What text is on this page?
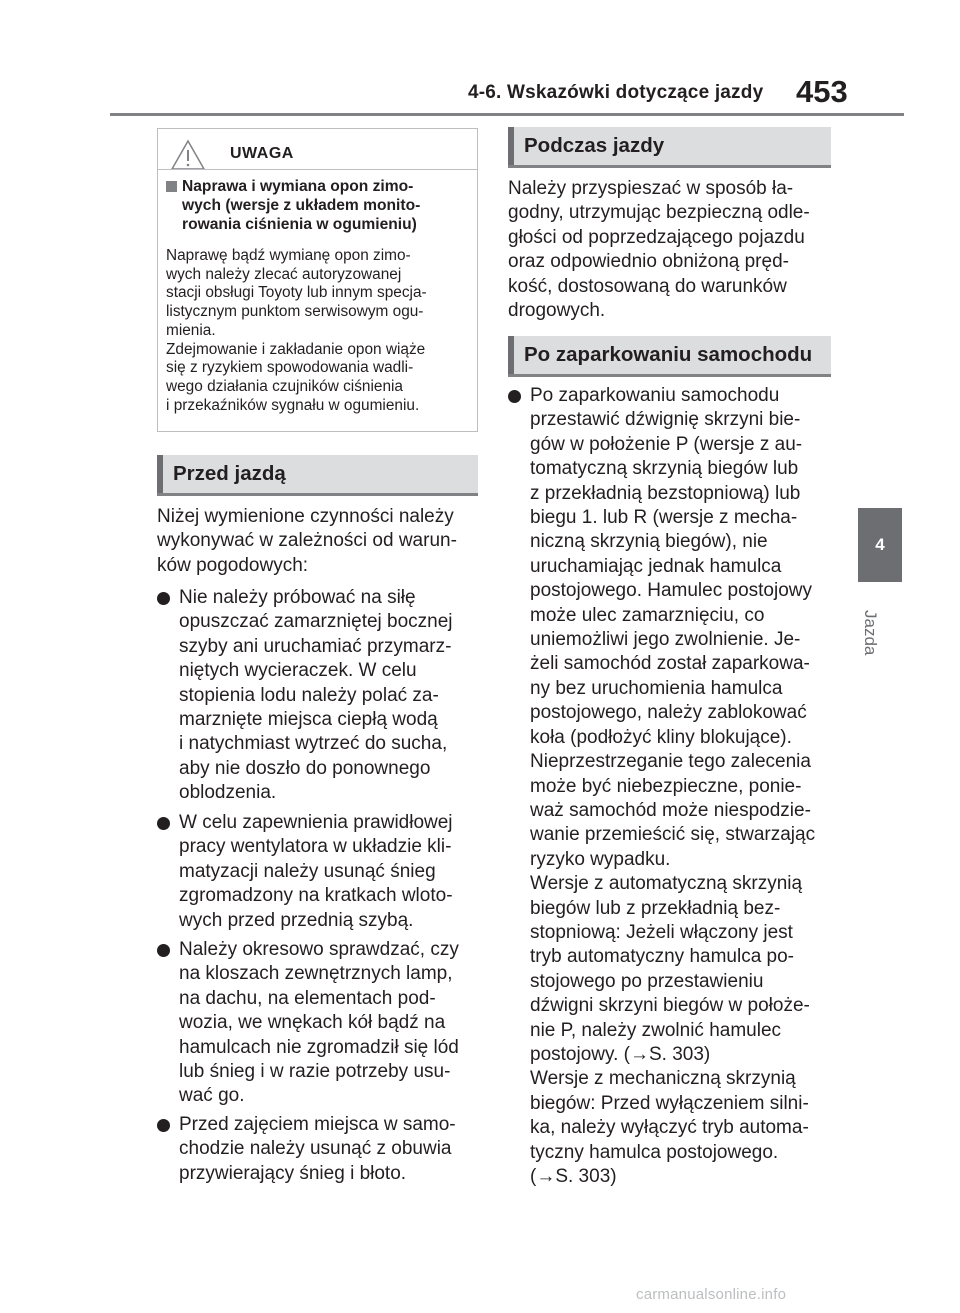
4-6. Wskazówki dotyczące jazdy 453
4
Jazda
UWAGA
Naprawa i wymiana opon zimo-
wych (wersje z układem monito-
rowania ciśnienia w ogumieniu)

Naprawę bądź wymianę opon zimo-

wych należy zlecać autoryzowanej

stacji obsługi Toyoty lub innym specja-

listycznym punktom serwisowym ogu-

mienia.

Zdejmowanie i zakładanie opon wiąże

się z ryzykiem spowodowania wadli-

wego działania czujników ciśnienia

i przekaźników sygnału w ogumieniu.

Przed jazdą

Niżej wymienione czynności należy

wykonywać w zależności od warun-

ków pogodowych:

Nie należy próbować na siłę

opuszczać zamarzniętej bocznej

szyby ani uruchamiać przymarz-

niętych wycieraczek. W celu

stopienia lodu należy polać za-

marznięte miejsca ciepłą wodą

i natychmiast wytrzeć do sucha,

aby nie doszło do ponownego

oblodzenia.

W celu zapewnienia prawidłowej

pracy wentylatora w układzie kli-

matyzacji należy usunąć śnieg

zgromadzony na kratkach wloto-

wych przed przednią szybą.

Należy okresowo sprawdzać, czy

na kloszach zewnętrznych lamp,

na dachu, na elementach pod-

wozia, we wnękach kół bądź na

hamulcach nie zgromadził się lód

lub śnieg i w razie potrzeby usu-

wać go.

Przed zajęciem miejsca w samo-

chodzie należy usunąć z obuwia

przywierający śnieg i błoto.

Podczas jazdy

Należy przyspieszać w sposób ła-

godny, utrzymując bezpieczną odle-

głości od poprzedzającego pojazdu

oraz odpowiednio obniżoną pręd-

kość, dostosowaną do warunków

drogowych.

Po zaparkowaniu samochodu

Po zaparkowaniu samochodu

przestawić dźwignię skrzyni bie-

gów w położenie P (wersje z au-

tomatyczną skrzynią biegów lub

z przekładnią bezstopniową) lub

biegu 1. lub R (wersje z mecha-

niczną skrzynią biegów), nie

uruchamiając jednak hamulca

postojowego. Hamulec postojowy

może ulec zamarznięciu, co

uniemożliwi jego zwolnienie. Je-

żeli samochód został zaparkowa-

ny bez uruchomienia hamulca

postojowego, należy zablokować

koła (podłożyć kliny blokujące).

Nieprzestrzeganie tego zalecenia

może być niebezpieczne, ponie-

waż samochód może niespodzie-

wanie przemieścić się, stwarzając

ryzyko wypadku.

Wersje z automatyczną skrzynią

biegów lub z przekładnią bez-

stopniową: Jeżeli włączony jest

tryb automatyczny hamulca po-

stojowego po przestawieniu

dźwigni skrzyni biegów w położe-

nie P, należy zwolnić hamulec

postojowy. (→S. 303)

Wersje z mechaniczną skrzynią

biegów: Przed wyłączeniem silni-

ka, należy wyłączyć tryb automa-

tyczny hamulca postojowego.

(→S. 303)

carmanualsonline.info
